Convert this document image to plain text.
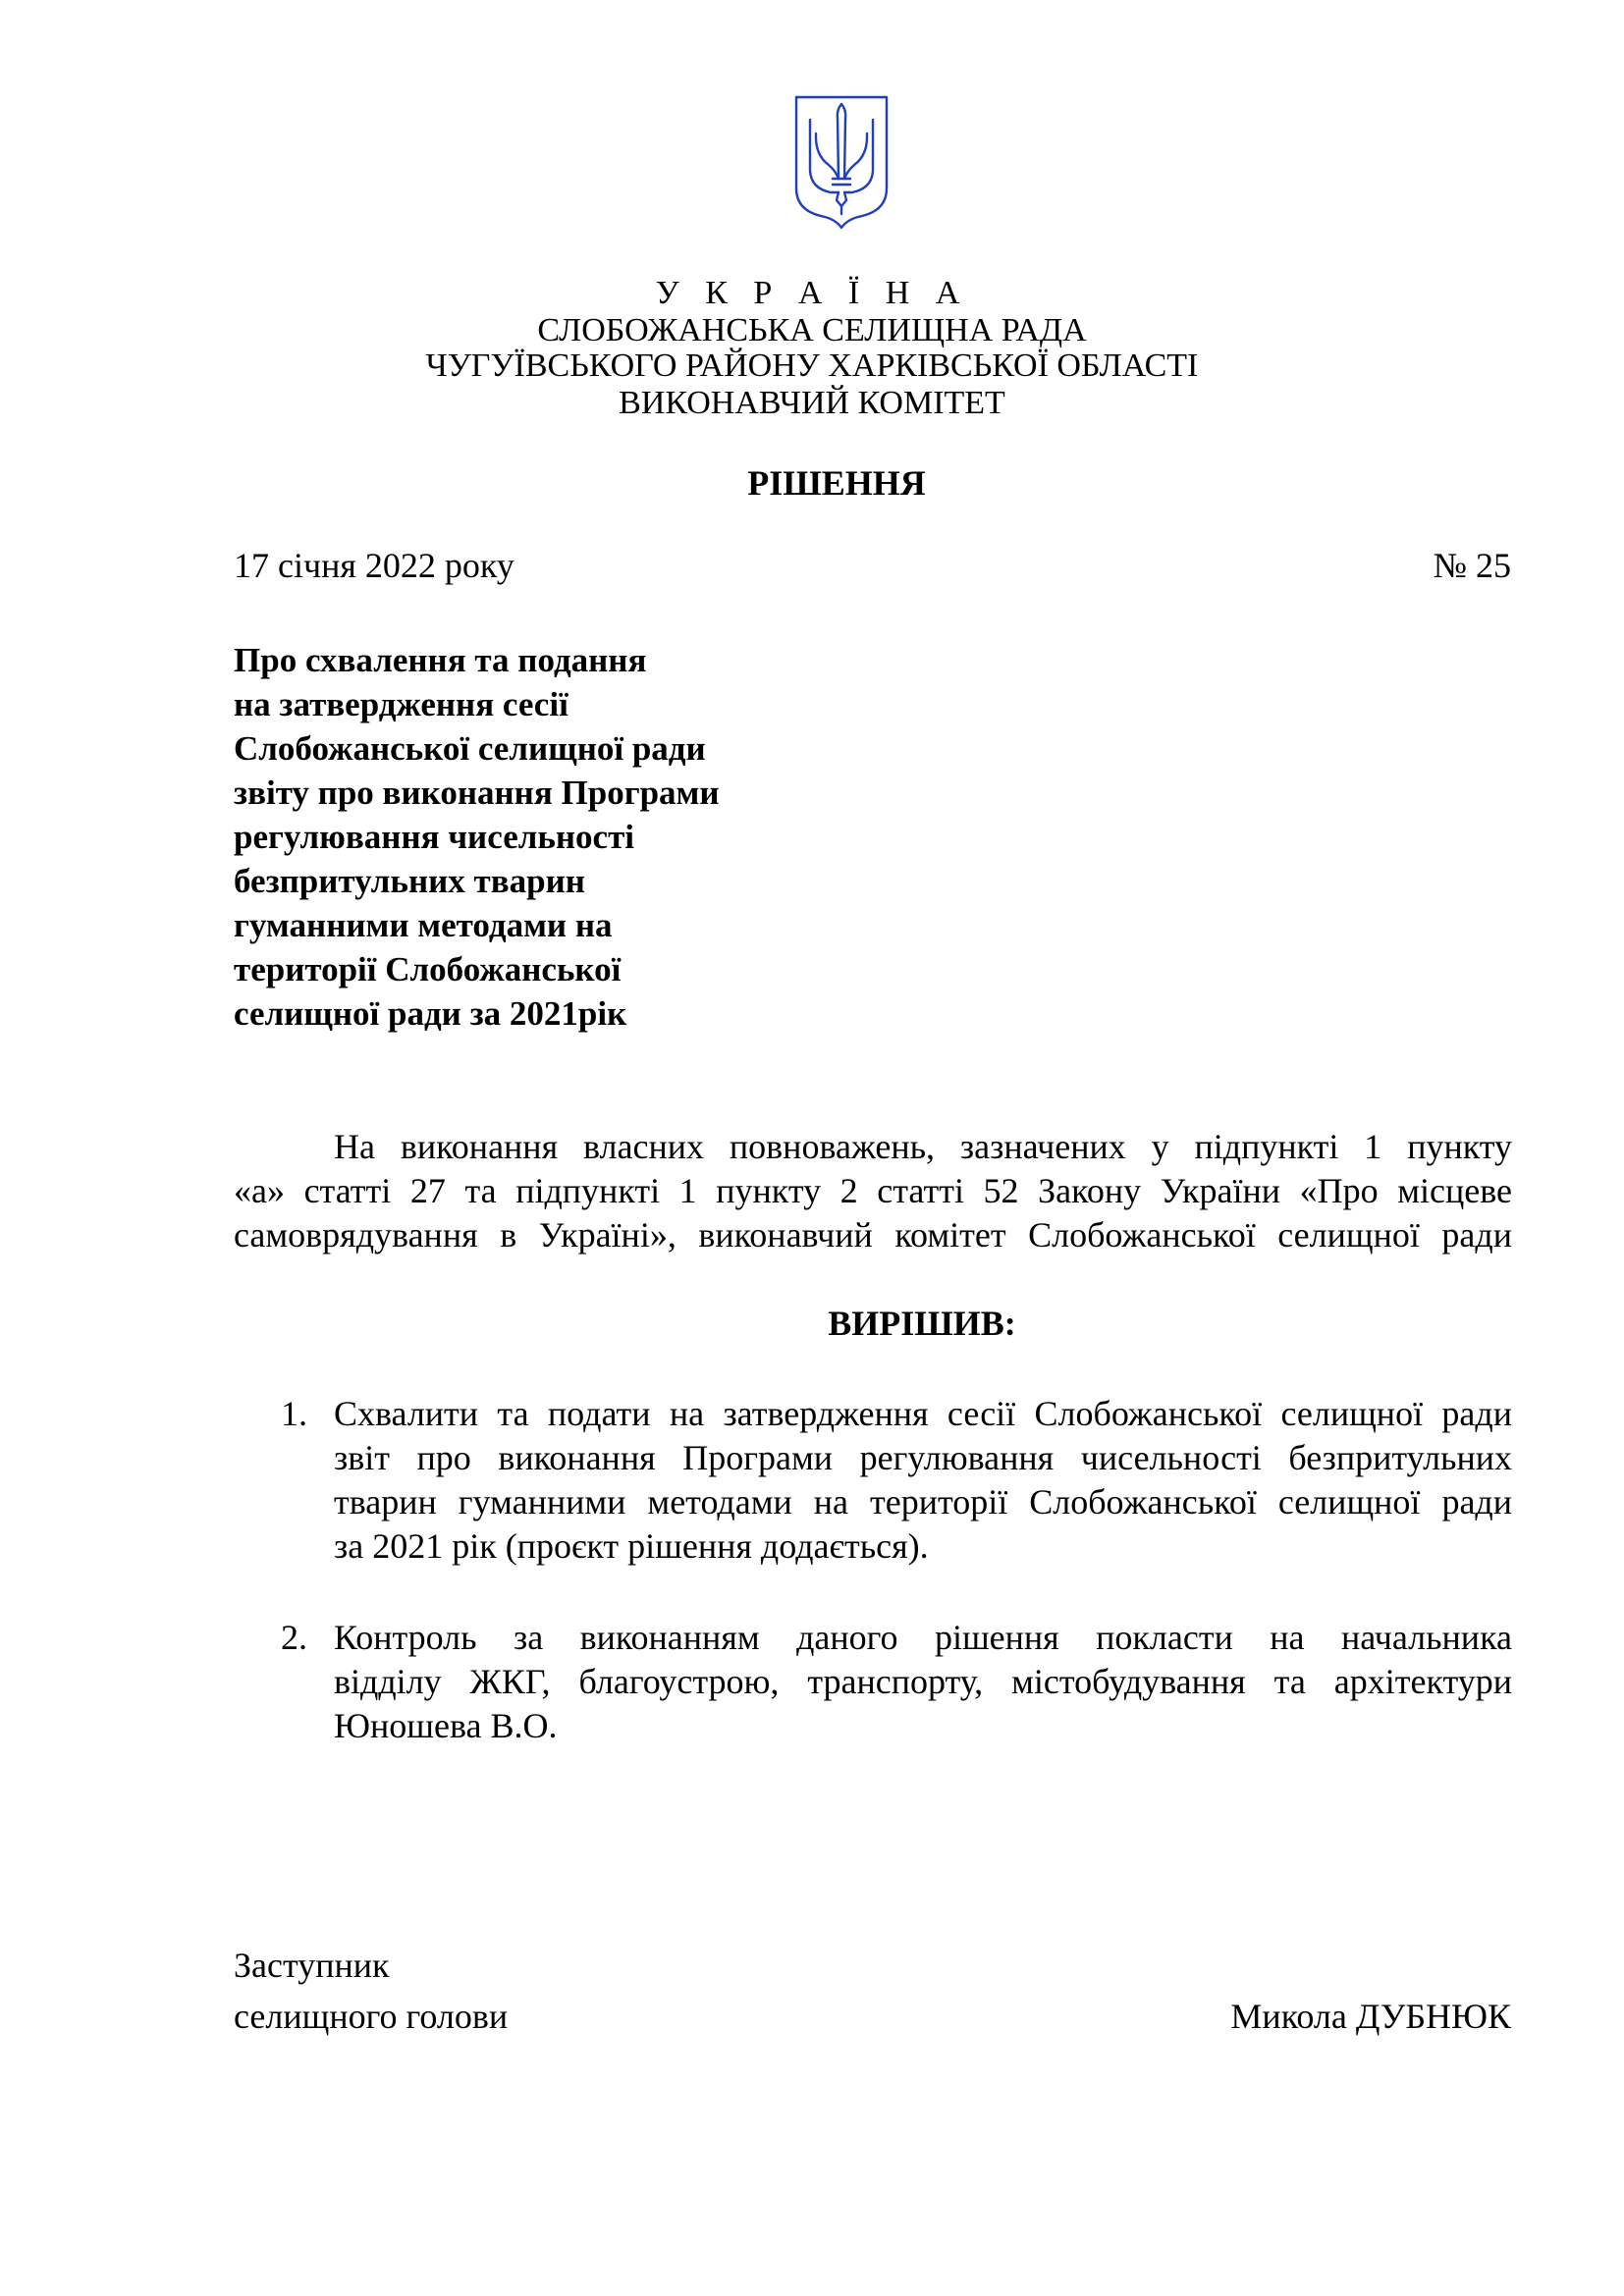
У К Р А Ї Н А
СЛОБОЖАНСЬКА СЕЛИЩНА РАДА
ЧУГУЇВСЬКОГО РАЙОНУ ХАРКІВСЬКОЇ ОБЛАСТІ
ВИКОНАВЧИЙ КОМІТЕТ
РІШЕННЯ
17 січня 2022 року	№ 25
Про схвалення та подання
на затвердження сесії
Слобожанської селищної ради
звіту про виконання Програми
регулювання чисельності
безпритульних тварин
гуманними методами на
території Слобожанської
селищної ради за 2021рік
На виконання власних повноважень, зазначених у підпункті 1 пункту
«а» статті 27 та підпункті 1 пункту 2 статті 52 Закону України «Про місцеве
самоврядування в Україні», виконавчий комітет Слобожанської селищної ради
ВИРІШИВ:
1. Схвалити та подати на затвердження сесії Слобожанської селищної ради
звіт про виконання Програми регулювання чисельності безпритульних
тварин гуманними методами на території Слобожанської селищної ради
за 2021 рік (проєкт рішення додається).
2. Контроль за виконанням даного рішення покласти на начальника
відділу ЖКГ, благоустрою, транспорту, містобудування та архітектури
Юношева В.О.
Заступник
селищного голови	Микола ДУБНЮК
